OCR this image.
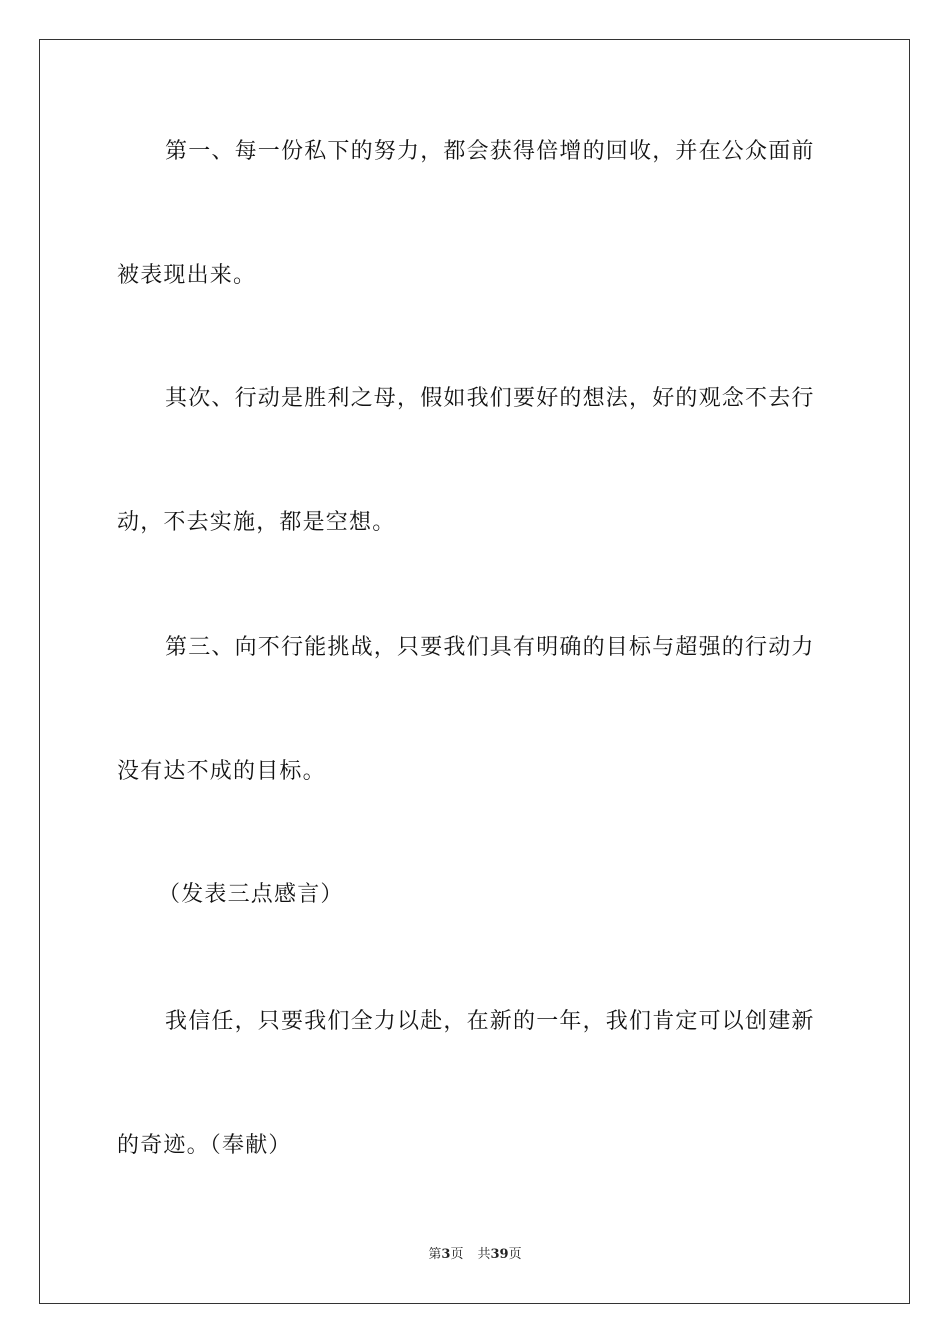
第一、每一份私下的努力，都会获得倍增的回收，并在公众面前
被表现出来。
其次、行动是胜利之母，假如我们要好的想法，好的观念不去行
动，不去实施，都是空想。
第三、向不行能挑战，只要我们具有明确的目标与超强的行动力
没有达不成的目标。
（发表三点感言）
我信任，只要我们全力以赴，在新的一年，我们肯定可以创建新
的奇迹。（奉献）
第3页 共39页
